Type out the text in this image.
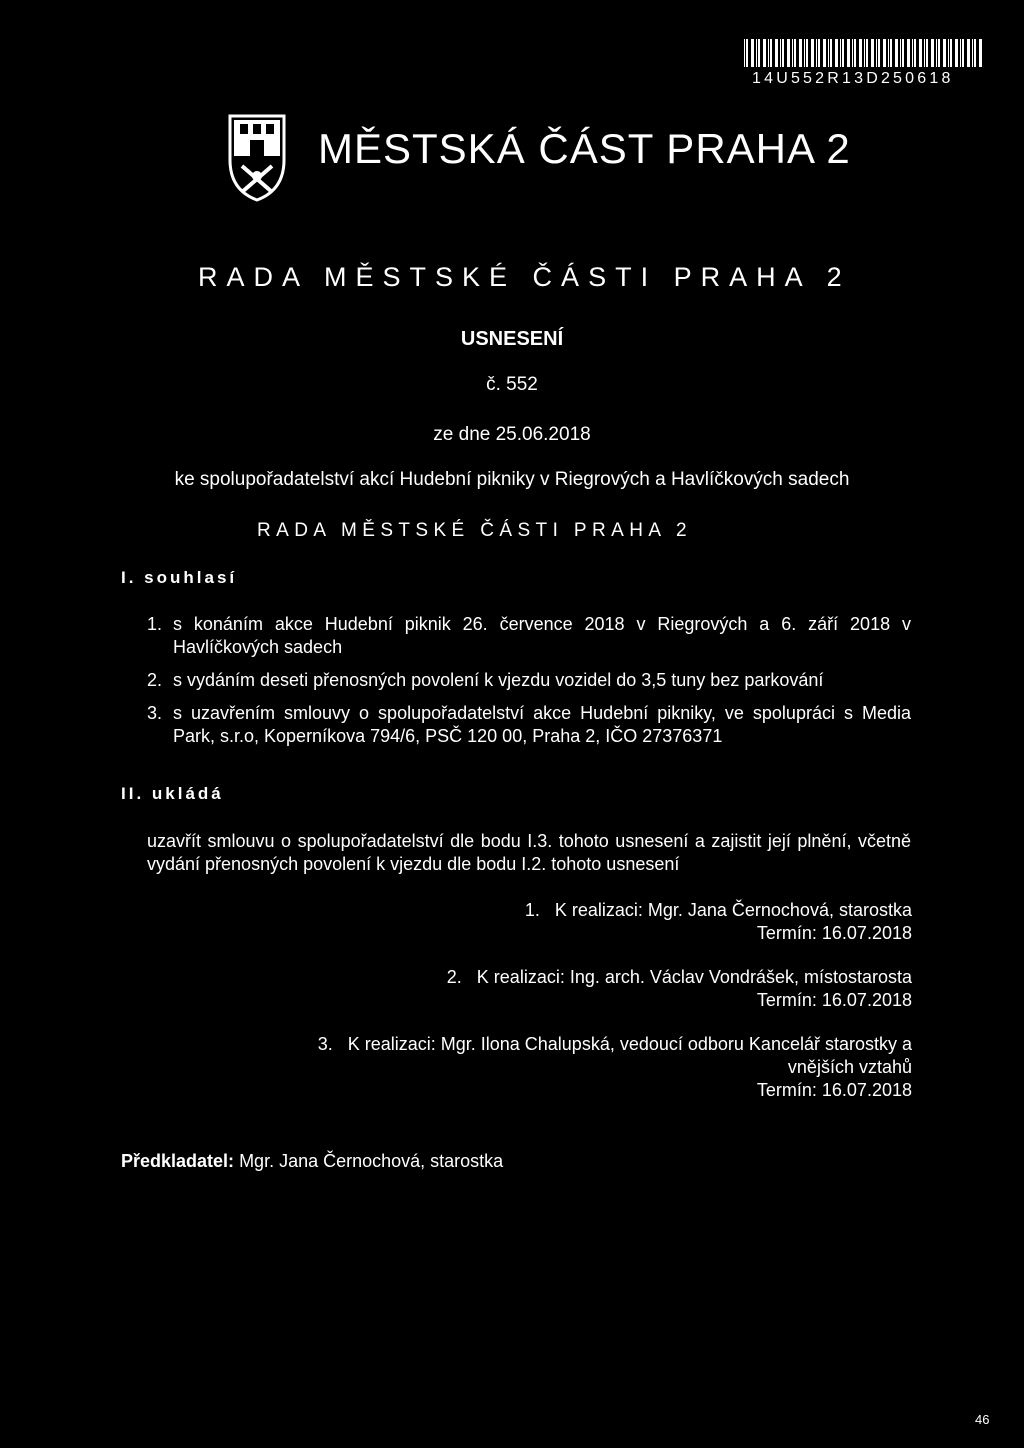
14U552R13D250618
MĚSTSKÁ ČÁST PRAHA 2
RADA MĚSTSKÉ ČÁSTI PRAHA 2
USNESENÍ
č. 552
ze dne 25.06.2018
ke spolupořadatelství akcí Hudební pikniky v Riegrových a Havlíčkových sadech
RADA MĚSTSKÉ ČÁSTI PRAHA 2
I. souhlasí
1. s konáním akce Hudební piknik 26. července 2018 v Riegrových a 6. září 2018 v Havlíčkových sadech
2. s vydáním deseti přenosných povolení k vjezdu vozidel do 3,5 tuny bez parkování
3. s uzavřením smlouvy o spolupořadatelství akce Hudební pikniky, ve spolupráci s Media Park, s.r.o, Koperníkova 794/6, PSČ 120 00, Praha 2, IČO 27376371
II. ukládá
uzavřít smlouvu o spolupořadatelství dle bodu I.3. tohoto usnesení a zajistit její plnění, včetně vydání přenosných povolení k vjezdu dle bodu I.2. tohoto usnesení
1.   K realizaci: Mgr. Jana Černochová, starostka
Termín: 16.07.2018
2.   K realizaci: Ing. arch. Václav Vondrášek, místostarosta
Termín: 16.07.2018
3.   K realizaci: Mgr. Ilona Chalupská, vedoucí odboru Kancelář starostky a
vnějších vztahů
Termín: 16.07.2018
Předkladatel: Mgr. Jana Černochová, starostka
46
